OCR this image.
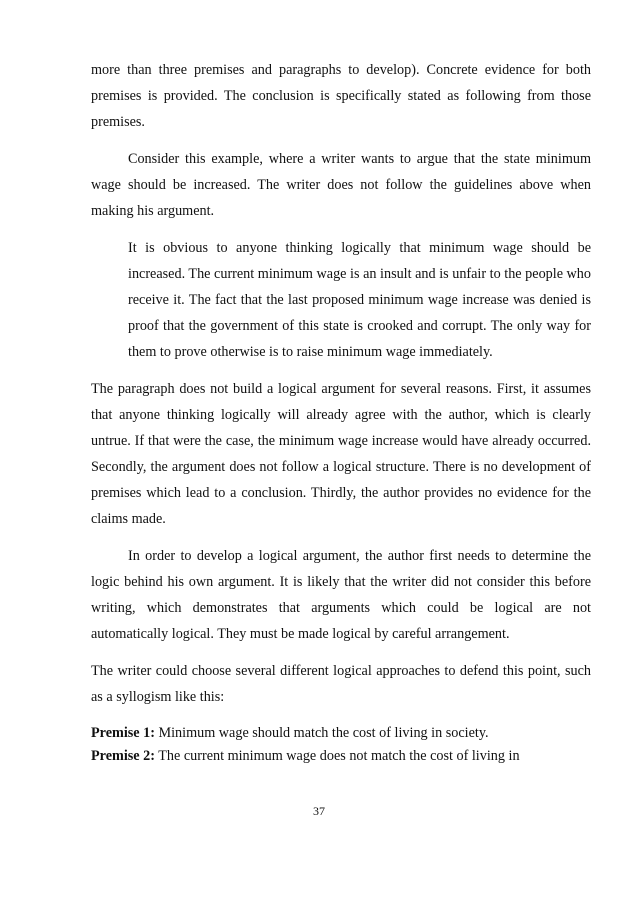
more than three premises and paragraphs to develop). Concrete evidence for both premises is provided. The conclusion is specifically stated as following from those premises.

Consider this example, where a writer wants to argue that the state minimum wage should be increased. The writer does not follow the guidelines above when making his argument.

It is obvious to anyone thinking logically that minimum wage should be increased. The current minimum wage is an insult and is unfair to the people who receive it. The fact that the last proposed minimum wage increase was denied is proof that the government of this state is crooked and corrupt. The only way for them to prove otherwise is to raise minimum wage immediately.

The paragraph does not build a logical argument for several reasons. First, it assumes that anyone thinking logically will already agree with the author, which is clearly untrue. If that were the case, the minimum wage increase would have already occurred. Secondly, the argument does not follow a logical structure. There is no development of premises which lead to a conclusion. Thirdly, the author provides no evidence for the claims made.

In order to develop a logical argument, the author first needs to determine the logic behind his own argument. It is likely that the writer did not consider this before writing, which demonstrates that arguments which could be logical are not automatically logical. They must be made logical by careful arrangement.

The writer could choose several different logical approaches to defend this point, such as a syllogism like this:

Premise 1: Minimum wage should match the cost of living in society.

Premise 2: The current minimum wage does not match the cost of living in

37
